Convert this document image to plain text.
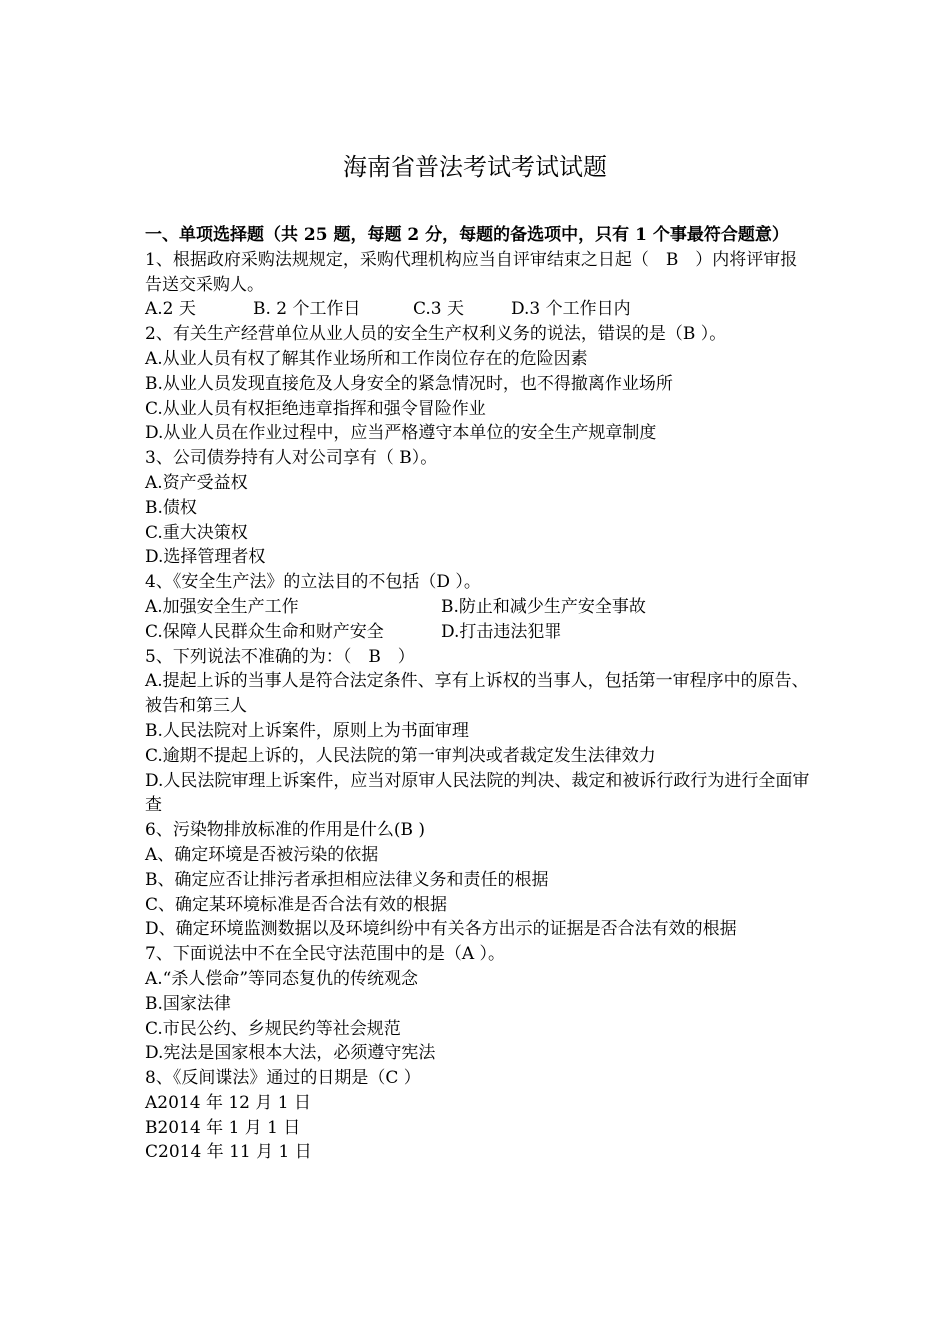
海南省普法考试考试试题
一、单项选择题（共 25 题，每题 2 分，每题的备选项中，只有 1 个事最符合题意）
1、根据政府采购法规规定，采购代理机构应当自评审结束之日起（　B　）内将评审报告送交采购人。
A.2 天	B. 2 个工作日	C.3 天	D.3 个工作日内
2、有关生产经营单位从业人员的安全生产权利义务的说法，错误的是（B ）。
A.从业人员有权了解其作业场所和工作岗位存在的危险因素
B.从业人员发现直接危及人身安全的紧急情况时，也不得撤离作业场所
C.从业人员有权拒绝违章指挥和强令冒险作业
D.从业人员在作业过程中，应当严格遵守本单位的安全生产规章制度
3、公司债券持有人对公司享有（ B）。
A.资产受益权
B.债权
C.重大决策权
D.选择管理者权
4、《安全生产法》的立法目的不包括（D ）。
A.加强安全生产工作	B.防止和减少生产安全事故
C.保障人民群众生命和财产安全	D.打击违法犯罪
5、下列说法不准确的为：（　B　）
A.提起上诉的当事人是符合法定条件、享有上诉权的当事人，包括第一审程序中的原告、被告和第三人
B.人民法院对上诉案件，原则上为书面审理
C.逾期不提起上诉的，人民法院的第一审判决或者裁定发生法律效力
D.人民法院审理上诉案件，应当对原审人民法院的判决、裁定和被诉行政行为进行全面审查
6、污染物排放标准的作用是什么(B )
A、确定环境是否被污染的依据
B、确定应否让排污者承担相应法律义务和责任的根据
C、确定某环境标准是否合法有效的根据
D、确定环境监测数据以及环境纠纷中有关各方出示的证据是否合法有效的根据
7、下面说法中不在全民守法范围中的是（A ）。
A.“杀人偿命”等同态复仇的传统观念
B.国家法律
C.市民公约、乡规民约等社会规范
D.宪法是国家根本大法，必须遵守宪法
8、《反间谍法》通过的日期是（C ）
A2014 年 12 月 1 日
B2014 年 1 月 1 日
C2014 年 11 月 1 日
